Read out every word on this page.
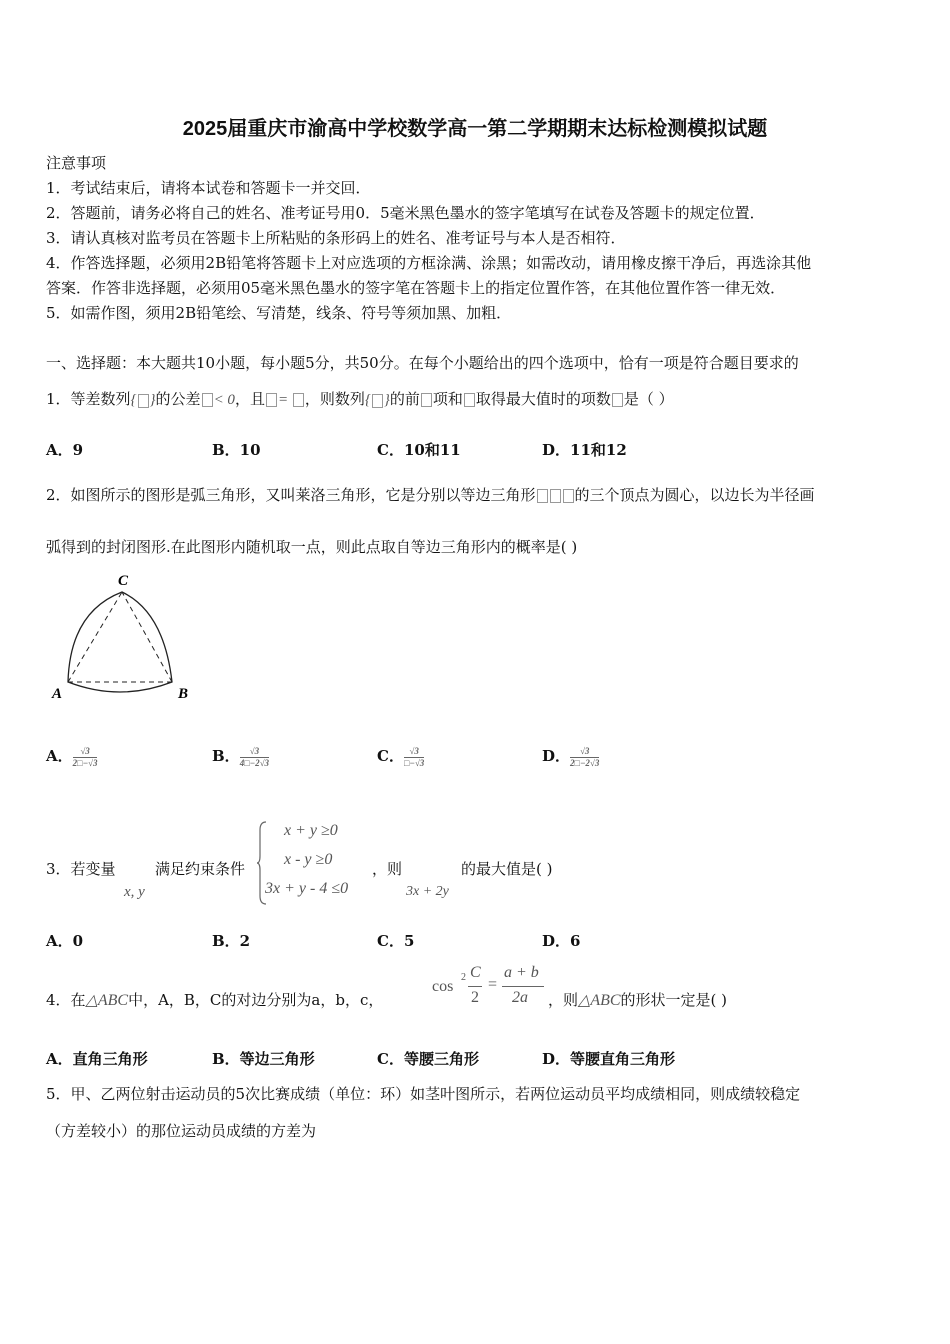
2025届重庆市渝高中学校数学高一第二学期期末达标检测模拟试题
注意事项
1．考试结束后，请将本试卷和答题卡一并交回．
2．答题前，请务必将自己的姓名、准考证号用0．5毫米黑色墨水的签字笔填写在试卷及答题卡的规定位置．
3．请认真核对监考员在答题卡上所粘贴的条形码上的姓名、准考证号与本人是否相符．
4．作答选择题，必须用2B铅笔将答题卡上对应选项的方框涂满、涂黑；如需改动，请用橡皮擦干净后，再选涂其他
答案．作答非选择题，必须用05毫米黑色墨水的签字笔在答题卡上的指定位置作答，在其他位置作答一律无效．
5．如需作图，须用2B铅笔绘、写清楚，线条、符号等须加黑、加粗．
一、选择题：本大题共10小题，每小题5分，共50分。在每个小题给出的四个选项中，恰有一项是符合题目要求的
1．等差数列{ }的公差 < 0，且 = ，则数列{ }的前 项和 取得最大值时的项数 是（ ）
A．9	B．10	C．10和11	D．11和12
2．如图所示的图形是弧三角形，又叫莱洛三角形，它是分别以等边三角形	的三个顶点为圆心，以边长为半径画
弧得到的封闭图形.在此图形内随机取一点，则此点取自等边三角形内的概率是( )
A	B
C
A． $\frac{√3}{2□-√3}$	B． $\frac{√3}{4□-2√3}$	C． $\frac{√3}{□-√3}$	D． $\frac{√3}{2□-2√3}$
3．若变量
x, y
满足约束条件
x + y ≥0
x - y ≥0
3x + y - 4 ≤0
，则
3x + 2y
的最大值是( )
A．0	B．2	C．5	D．6
4．在△ABC中，A，B，C的对边分别为a，b，c，
cos
2 C
2
=
a + b
2a ，则△ABC的形状一定是( )
A．直角三角形	B．等边三角形	C．等腰三角形	D．等腰直角三角形
5．甲、乙两位射击运动员的5次比赛成绩（单位：环）如茎叶图所示，若两位运动员平均成绩相同，则成绩较稳定
（方差较小）的那位运动员成绩的方差为
